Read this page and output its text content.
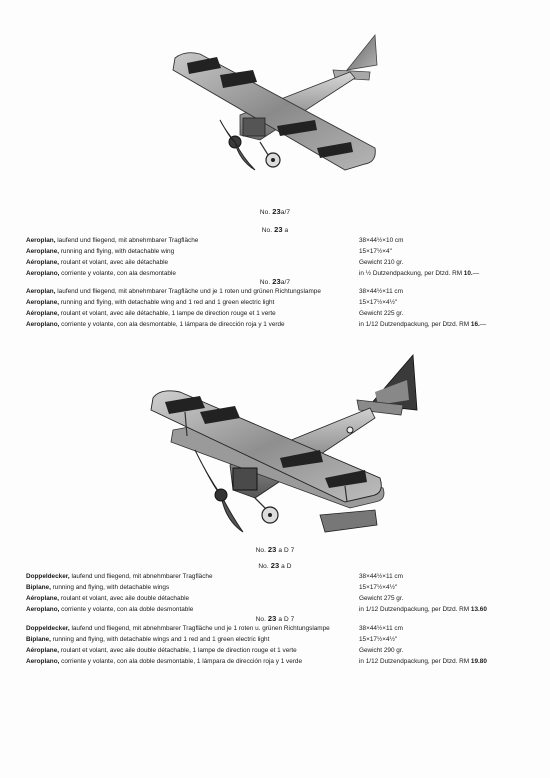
No. 23a/7
No. 23 a
Aeroplan, laufend und fliegend, mit abnehmbarer Tragfläche	38×44½×10 cm
Aeroplane, running and flying, with detachable wing	15×17½×4"
Aéroplane, roulant et volant, avec aile détachable	Gewicht 210 gr.
Aeroplano, corriente y volante, con ala desmontable	in ½ Dutzendpackung, per Dtzd. RM 10.—
No. 23a/7
Aeroplan, laufend und fliegend, mit abnehmbarer Tragfläche und je 1 roten und grünen Richtungslampe	38×44½×11 cm
Aeroplane, running and flying, with detachable wing and 1 red and 1 green electric light	15×17½×4½"
Aéroplane, roulant et volant, avec aile détachable, 1 lampe de direction rouge et 1 verte	Gewicht 225 gr.
Aeroplano, corriente y volante, con ala desmontable, 1 lámpara de dirección roja y 1 verde	in 1/12 Dutzendpackung, per Dtzd. RM 16.—
No. 23 a D 7
No. 23 a D
Doppeldecker, laufend und fliegend, mit abnehmbarer Tragfläche	38×44½×11 cm
Biplane, running and flying, with detachable wings	15×17½×4½"
Aéroplane, roulant et volant, avec aile double détachable	Gewicht 275 gr.
Aeroplano, corriente y volante, con ala doble desmontable	in 1/12 Dutzendpackung, per Dtzd. RM 13.60
No. 23 a D 7
Doppeldecker, laufend und fliegend, mit abnehmbarer Tragfläche und je 1 roten u. grünen Richtungslampe	38×44½×11 cm
Biplane, running and flying, with detachable wings and 1 red and 1 green electric light	15×17½×4½"
Aéroplane, roulant et volant, avec aile double détachable, 1 lampe de direction rouge et 1 verte	Gewicht 290 gr.
Aeroplano, corriente y volante, con ala doble desmontable, 1 lámpara de dirección roja y 1 verde	in 1/12 Dutzendpackung, per Dtzd. RM 19.80
